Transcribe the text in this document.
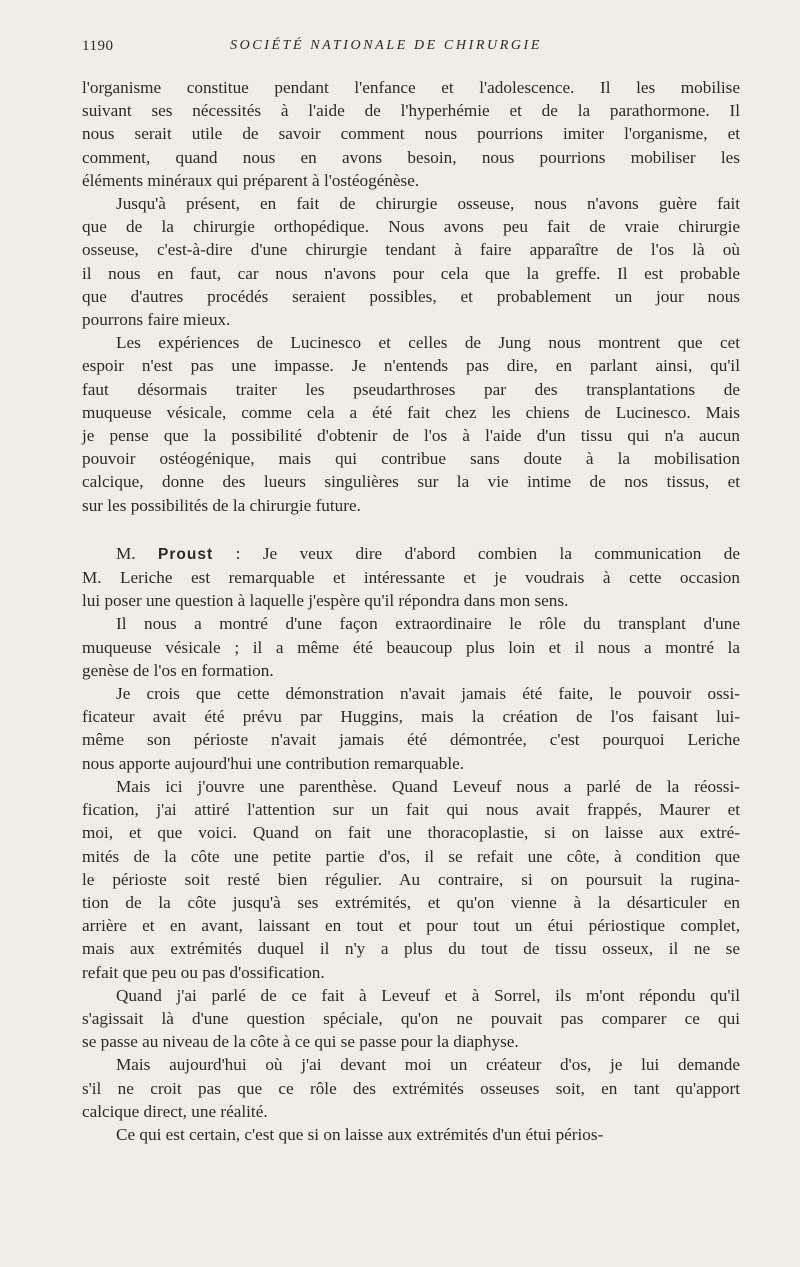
1190	SOCIÉTÉ NATIONALE DE CHIRURGIE

l'organisme constitue pendant l'enfance et l'adolescence. Il les mobilise

suivant ses nécessités à l'aide de l'hyperhémie et de la parathormone. Il

nous serait utile de savoir comment nous pourrions imiter l'organisme, et

comment, quand nous en avons besoin, nous pourrions mobiliser les

éléments minéraux qui préparent à l'ostéogénèse.

Jusqu'à présent, en fait de chirurgie osseuse, nous n'avons guère fait

que de la chirurgie orthopédique. Nous avons peu fait de vraie chirurgie

osseuse, c'est-à-dire d'une chirurgie tendant à faire apparaître de l'os là où

il nous en faut, car nous n'avons pour cela que la greffe. Il est probable

que d'autres procédés seraient possibles, et probablement un jour nous

pourrons faire mieux.

Les expériences de Lucinesco et celles de Jung nous montrent que cet

espoir n'est pas une impasse. Je n'entends pas dire, en parlant ainsi, qu'il

faut désormais traiter les pseudarthroses par des transplantations de

muqueuse vésicale, comme cela a été fait chez les chiens de Lucinesco. Mais

je pense que la possibilité d'obtenir de l'os à l'aide d'un tissu qui n'a aucun

pouvoir ostéogénique, mais qui contribue sans doute à la mobilisation

calcique, donne des lueurs singulières sur la vie intime de nos tissus, et

sur les possibilités de la chirurgie future.

M. Proust : Je veux dire d'abord combien la communication de

M. Leriche est remarquable et intéressante et je voudrais à cette occasion

lui poser une question à laquelle j'espère qu'il répondra dans mon sens.

Il nous a montré d'une façon extraordinaire le rôle du transplant d'une

muqueuse vésicale ; il a même été beaucoup plus loin et il nous a montré la

genèse de l'os en formation.

Je crois que cette démonstration n'avait jamais été faite, le pouvoir ossi-

ficateur avait été prévu par Huggins, mais la création de l'os faisant lui-

même son périoste n'avait jamais été démontrée, c'est pourquoi Leriche

nous apporte aujourd'hui une contribution remarquable.

Mais ici j'ouvre une parenthèse. Quand Leveuf nous a parlé de la réossi-

fication, j'ai attiré l'attention sur un fait qui nous avait frappés, Maurer et

moi, et que voici. Quand on fait une thoracoplastie, si on laisse aux extré-

mités de la côte une petite partie d'os, il se refait une côte, à condition que

le périoste soit resté bien régulier. Au contraire, si on poursuit la rugina-

tion de la côte jusqu'à ses extrémités, et qu'on vienne à la désarticuler en

arrière et en avant, laissant en tout et pour tout un étui périostique complet,

mais aux extrémités duquel il n'y a plus du tout de tissu osseux, il ne se

refait que peu ou pas d'ossification.

Quand j'ai parlé de ce fait à Leveuf et à Sorrel, ils m'ont répondu qu'il

s'agissait là d'une question spéciale, qu'on ne pouvait pas comparer ce qui

se passe au niveau de la côte à ce qui se passe pour la diaphyse.

Mais aujourd'hui où j'ai devant moi un créateur d'os, je lui demande

s'il ne croit pas que ce rôle des extrémités osseuses soit, en tant qu'apport

calcique direct, une réalité.

Ce qui est certain, c'est que si on laisse aux extrémités d'un étui périos-
